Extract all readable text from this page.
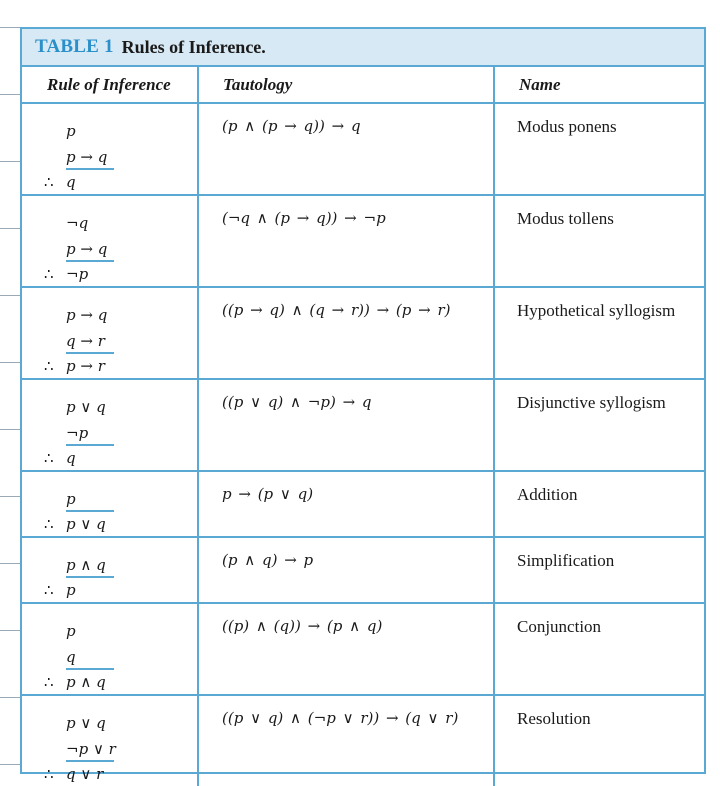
TABLE 1 Rules of Inference.
Rule of Inference	Tautology	Name

p
p → q
∴ q	(p ∧ (p → q)) → q	Modus ponens

¬q
p → q
∴ ¬p	(¬q ∧ (p → q)) → ¬p	Modus tollens

p → q
q → r
∴ p → r	((p → q) ∧ (q → r)) → (p → r)	Hypothetical syllogism

p ∨ q
¬p
∴ q	((p ∨ q) ∧ ¬p) → q	Disjunctive syllogism

p
∴ p ∨ q	p → (p ∨ q)	Addition

p ∧ q
∴ p	(p ∧ q) → p	Simplification

p
q
∴ p ∧ q	((p) ∧ (q)) → (p ∧ q)	Conjunction

p ∨ q
¬p ∨ r
∴ q ∨ r	((p ∨ q) ∧ (¬p ∨ r)) → (q ∨ r)	Resolution
